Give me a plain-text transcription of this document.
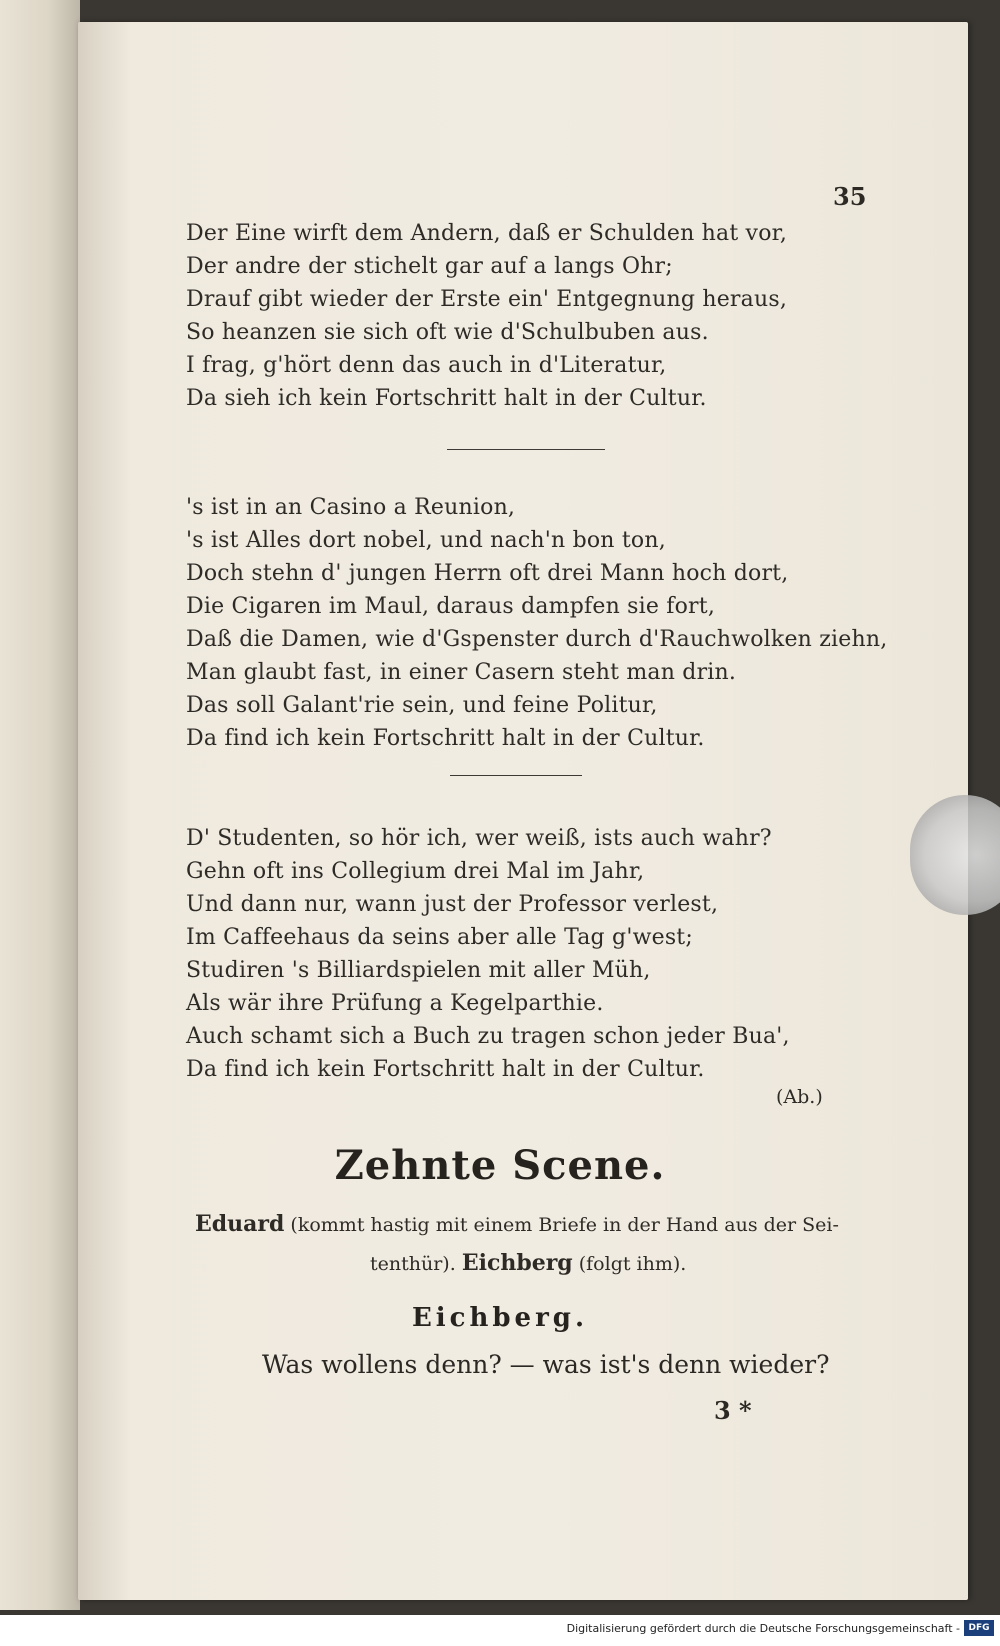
35
Der Eine wirft dem Andern, daß er Schulden hat vor,
Der andre der stichelt gar auf a langs Ohr;
Drauf gibt wieder der Erste ein' Entgegnung heraus,
So heanzen sie sich oft wie d'Schulbuben aus.
I frag, g'hört denn das auch in d'Literatur,
Da sieh ich kein Fortschritt halt in der Cultur.
's ist in an Casino a Reunion,
's ist Alles dort nobel, und nach'n bon ton,
Doch stehn d' jungen Herrn oft drei Mann hoch dort,
Die Cigaren im Maul, daraus dampfen sie fort,
Daß die Damen, wie d'Gspenster durch d'Rauchwolken ziehn,
Man glaubt fast, in einer Casern steht man drin.
Das soll Galant'rie sein, und feine Politur,
Da find ich kein Fortschritt halt in der Cultur.
D' Studenten, so hör ich, wer weiß, ists auch wahr?
Gehn oft ins Collegium drei Mal im Jahr,
Und dann nur, wann just der Professor verlest,
Im Caffeehaus da seins aber alle Tag g'west;
Studiren 's Billiardspielen mit aller Müh,
Als wär ihre Prüfung a Kegelparthie.
Auch schamt sich a Buch zu tragen schon jeder Bua',
Da find ich kein Fortschritt halt in der Cultur.
(Ab.)
Zehnte Scene.
Eduard (kommt hastig mit einem Briefe in der Hand aus der Sei-
tenthür). Eichberg (folgt ihm).
Eichberg.
Was wollens denn? — was ist's denn wieder?
3 *
Digitalisierung gefördert durch die Deutsche Forschungsgemeinschaft - DFG
